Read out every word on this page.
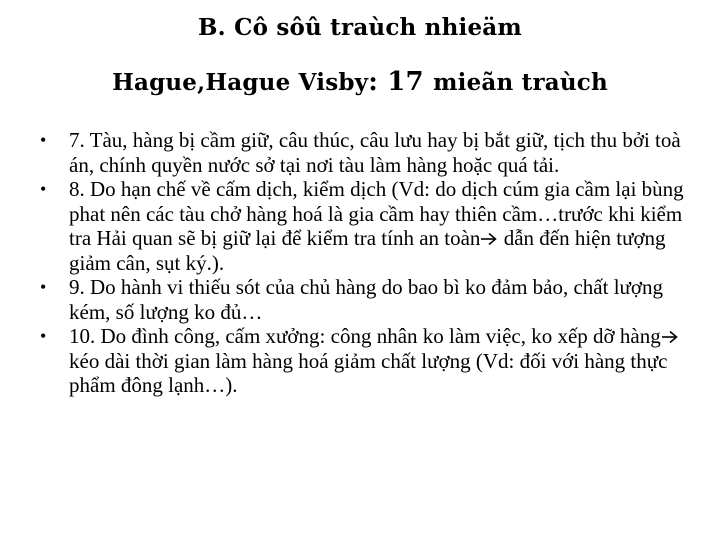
B. Cô sôû traùch nhieäm
Hague,Hague Visby: 17 mieãn traùch
• 7. Tàu, hàng bị cầm giữ, câu thúc, câu lưu hay bị bắt giữ, tịch thu bởi toà án, chính quyền nước sở tại nơi tàu làm hàng hoặc quá tải.
• 8. Do hạn chế về cấm dịch, kiểm dịch (Vd: do dịch cúm gia cầm lại bùng phat nên các tàu chở hàng hoá là gia cầm hay thiên cầm…trước khi kiểm tra Hải quan sẽ bị giữ lại để kiểm tra tính an toàn
dẫn đến hiện tượng giảm cân, sụt ký.).
• 9. Do hành vi thiếu sót của chủ hàng do bao bì ko đảm bảo, chất lượng kém, số lượng ko đủ…
• 10. Do đình công, cấm xưởng: công nhân ko làm việc, ko xếp dỡ hàng
kéo dài thời gian làm hàng hoá giảm chất lượng (Vd: đối với hàng thực phẩm đông lạnh…).
